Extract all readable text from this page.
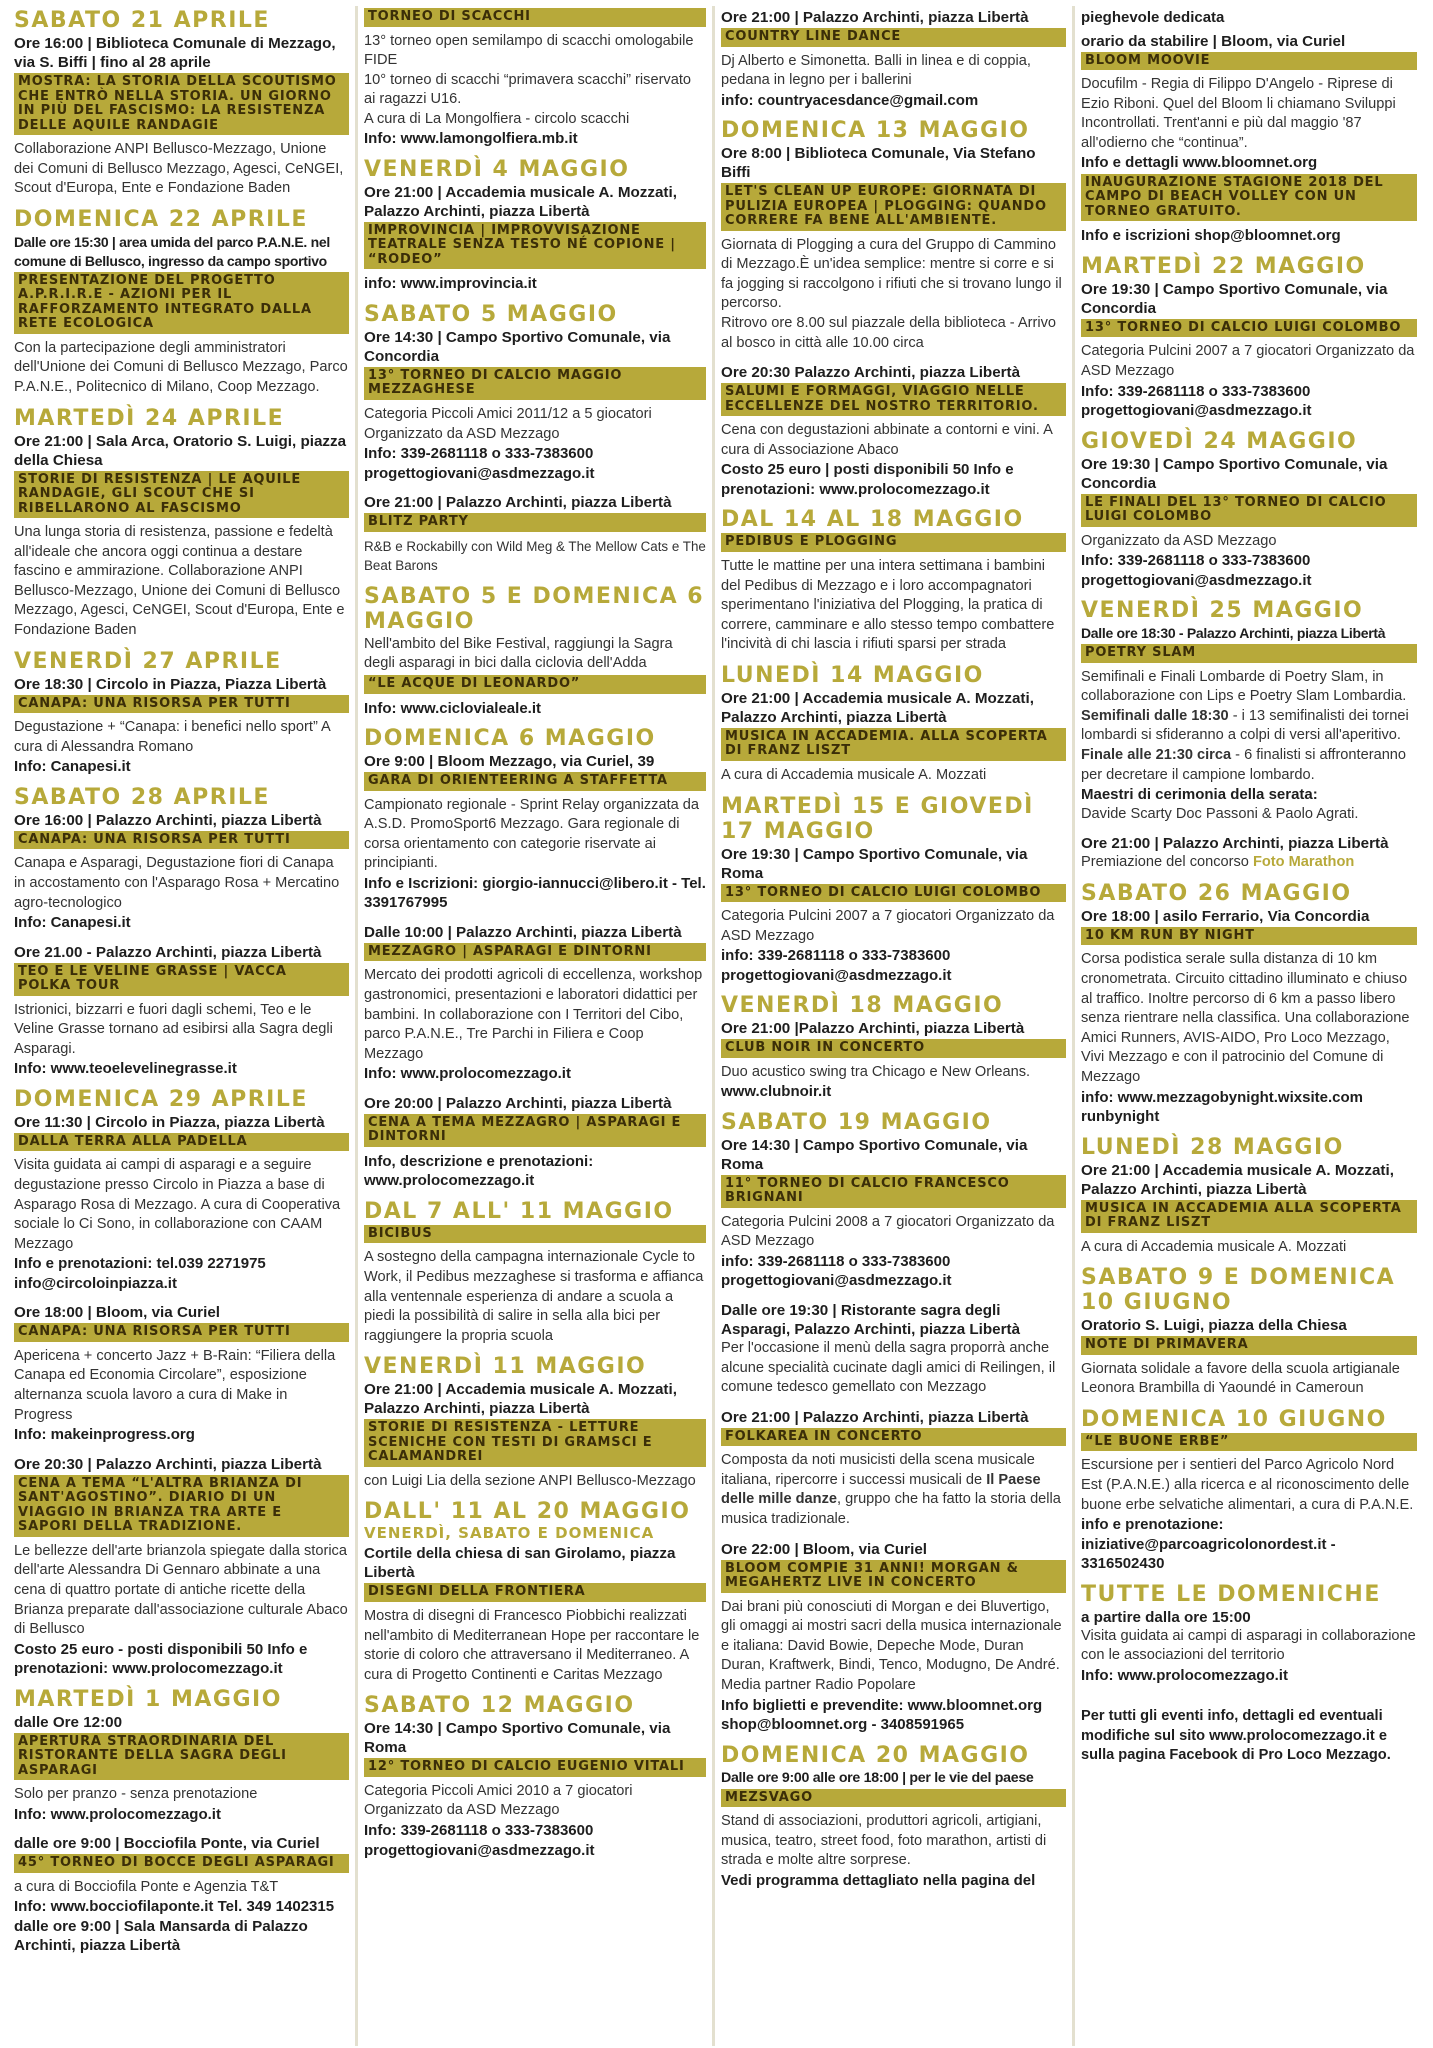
SABATO 21 APRILE

Ore 16:00 | Biblioteca Comunale di Mezzago, via S. Biffi | fino al 28 aprile

MOSTRA: LA STORIA DELLA SCOUTISMO CHE ENTRÒ NELLA STORIA. UN GIORNO IN PIÙ DEL FASCISMO: LA RESISTENZA DELLE AQUILE RANDAGIE

Collaborazione ANPI Bellusco-Mezzago, Unione dei Comuni di Bellusco Mezzago, Agesci, CeNGEI, Scout d'Europa, Ente e Fondazione Baden

DOMENICA 22 APRILE

Dalle ore 15:30 | area umida del parco P.A.N.E. nel comune di Bellusco, ingresso da campo sportivo

PRESENTAZIONE DEL PROGETTO A.P.R.I.R.E - AZIONI PER IL RAFFORZAMENTO INTEGRATO DALLA RETE ECOLOGICA

Con la partecipazione degli amministratori dell'Unione dei Comuni di Bellusco Mezzago, Parco P.A.N.E., Politecnico di Milano, Coop Mezzago.

MARTEDÌ 24 APRILE

Ore 21:00 | Sala Arca, Oratorio S. Luigi, piazza della Chiesa

STORIE DI RESISTENZA | LE AQUILE RANDAGIE, GLI SCOUT CHE SI RIBELLARONO AL FASCISMO

Una lunga storia di resistenza, passione e fedeltà all'ideale che ancora oggi continua a destare fascino e ammirazione. Collaborazione ANPI Bellusco-Mezzago, Unione dei Comuni di Bellusco Mezzago, Agesci, CeNGEI, Scout d'Europa, Ente e Fondazione Baden

VENERDÌ 27 APRILE

Ore 18:30 | Circolo in Piazza, Piazza Libertà

CANAPA: UNA RISORSA PER TUTTI

Degustazione + “Canapa: i benefici nello sport” A cura di Alessandra Romano

Info: Canapesi.it

SABATO 28 APRILE

Ore 16:00 | Palazzo Archinti, piazza Libertà

CANAPA: UNA RISORSA PER TUTTI

Canapa e Asparagi, Degustazione fiori di Canapa in accostamento con l'Asparago Rosa + Mercatino agro-tecnologico

Info: Canapesi.it

Ore 21.00 - Palazzo Archinti, piazza Libertà

TEO E LE VELINE GRASSE | VACCA POLKA TOUR

Istrionici, bizzarri e fuori dagli schemi, Teo e le Veline Grasse tornano ad esibirsi alla Sagra degli Asparagi.

Info: www.teoelevelinegrasse.it

DOMENICA 29 APRILE

Ore 11:30 | Circolo in Piazza, piazza Libertà

DALLA TERRA ALLA PADELLA

Visita guidata ai campi di asparagi e a seguire degustazione presso Circolo in Piazza a base di Asparago Rosa di Mezzago. A cura di Cooperativa sociale lo Ci Sono, in collaborazione con CAAM Mezzago

Info e prenotazioni: tel.039 2271975 info@circoloinpiazza.it

Ore 18:00 | Bloom, via Curiel

CANAPA: UNA RISORSA PER TUTTI

Apericena + concerto Jazz + B-Rain: “Filiera della Canapa ed Economia Circolare”, esposizione alternanza scuola lavoro a cura di Make in Progress

Info: makeinprogress.org

Ore 20:30 | Palazzo Archinti, piazza Libertà

CENA A TEMA “L'ALTRA BRIANZA DI SANT'AGOSTINO”. DIARIO DI UN VIAGGIO IN BRIANZA TRA ARTE E SAPORI DELLA TRADIZIONE.

Le bellezze dell'arte brianzola spiegate dalla storica dell'arte Alessandra Di Gennaro abbinate a una cena di quattro portate di antiche ricette della Brianza preparate dall'associazione culturale Abaco di Bellusco

Costo 25 euro - posti disponibili 50 Info e prenotazioni: www.prolocomezzago.it

MARTEDÌ 1 MAGGIO

dalle Ore 12:00

APERTURA STRAORDINARIA DEL RISTORANTE DELLA SAGRA DEGLI ASPARAGI

Solo per pranzo - senza prenotazione

Info: www.prolocomezzago.it

dalle ore 9:00 | Bocciofila Ponte, via Curiel

45° TORNEO DI BOCCE DEGLI ASPARAGI

a cura di Bocciofila Ponte e Agenzia T&T

Info: www.bocciofilaponte.it Tel. 349 1402315

dalle ore 9:00 | Sala Mansarda di Palazzo Archinti, piazza Libertà

TORNEO DI SCACCHI

13° torneo open semilampo di scacchi omologabile FIDE

10° torneo di scacchi “primavera scacchi” riservato ai ragazzi U16.

A cura di La Mongolfiera - circolo scacchi

Info: www.lamongolfiera.mb.it

VENERDÌ 4 MAGGIO

Ore 21:00 | Accademia musicale A. Mozzati, Palazzo Archinti, piazza Libertà

IMPROVINCIA | IMPROVVISAZIONE TEATRALE SENZA TESTO NÉ COPIONE | “RODEO”

info: www.improvincia.it

SABATO 5 MAGGIO

Ore 14:30 | Campo Sportivo Comunale, via Concordia

13° TORNEO DI CALCIO MAGGIO MEZZAGHESE

Categoria Piccoli Amici 2011/12 a 5 giocatori Organizzato da ASD Mezzago

Info: 339-2681118 o 333-7383600 progettogiovani@asdmezzago.it

Ore 21:00 | Palazzo Archinti, piazza Libertà

BLITZ PARTY

R&B e Rockabilly con Wild Meg & The Mellow Cats e The Beat Barons

SABATO 5 E DOMENICA 6 MAGGIO

Nell'ambito del Bike Festival, raggiungi la Sagra degli asparagi in bici dalla ciclovia dell'Adda

“LE ACQUE DI LEONARDO”

Info: www.ciclovialeale.it

DOMENICA 6 MAGGIO

Ore 9:00 | Bloom Mezzago, via Curiel, 39

GARA DI ORIENTEERING A STAFFETTA

Campionato regionale - Sprint Relay organizzata da A.S.D. PromoSport6 Mezzago. Gara regionale di corsa orientamento con categorie riservate ai principianti.

Info e Iscrizioni: giorgio-iannucci@libero.it - Tel. 3391767995

Dalle 10:00 | Palazzo Archinti, piazza Libertà

MEZZAGRO | ASPARAGI E DINTORNI

Mercato dei prodotti agricoli di eccellenza, workshop gastronomici, presentazioni e laboratori didattici per bambini. In collaborazione con I Territori del Cibo, parco P.A.N.E., Tre Parchi in Filiera e Coop Mezzago

Info: www.prolocomezzago.it

Ore 20:00 | Palazzo Archinti, piazza Libertà

CENA A TEMA MEZZAGRO | ASPARAGI E DINTORNI

Info, descrizione e prenotazioni: www.prolocomezzago.it

DAL 7 ALL' 11 MAGGIO
BICIBUS

A sostegno della campagna internazionale Cycle to Work, il Pedibus mezzaghese si trasforma e affianca alla ventennale esperienza di andare a scuola a piedi la possibilità di salire in sella alla bici per raggiungere la propria scuola

VENERDÌ 11 MAGGIO

Ore 21:00 | Accademia musicale A. Mozzati, Palazzo Archinti, piazza Libertà

STORIE DI RESISTENZA - LETTURE SCENICHE CON TESTI DI GRAMSCI E CALAMANDREI

con Luigi Lia della sezione ANPI Bellusco-Mezzago

DALL' 11 AL 20 MAGGIO
VENERDÌ, SABATO E DOMENICA

Cortile della chiesa di san Girolamo, piazza Libertà

DISEGNI DELLA FRONTIERA

Mostra di disegni di Francesco Piobbichi realizzati nell'ambito di Mediterranean Hope per raccontare le storie di coloro che attraversano il Mediterraneo. A cura di Progetto Continenti e Caritas Mezzago

SABATO 12 MAGGIO

Ore 14:30 | Campo Sportivo Comunale, via Roma

12° TORNEO DI CALCIO EUGENIO VITALI

Categoria Piccoli Amici 2010 a 7 giocatori Organizzato da ASD Mezzago

Info: 339-2681118 o 333-7383600 progettogiovani@asdmezzago.it

Ore 21:00 | Palazzo Archinti, piazza Libertà

COUNTRY LINE DANCE

Dj Alberto e Simonetta. Balli in linea e di coppia, pedana in legno per i ballerini

info: countryacesdance@gmail.com

DOMENICA 13 MAGGIO

Ore 8:00 | Biblioteca Comunale, Via Stefano Biffi

LET'S CLEAN UP EUROPE: GIORNATA DI PULIZIA EUROPEA | PLOGGING: QUANDO CORRERE FA BENE ALL'AMBIENTE.

Giornata di Plogging a cura del Gruppo di Cammino di Mezzago.È un'idea semplice: mentre si corre e si fa jogging si raccolgono i rifiuti che si trovano lungo il percorso.

Ritrovo ore 8.00 sul piazzale della biblioteca - Arrivo al bosco in città alle 10.00 circa

Ore 20:30 Palazzo Archinti, piazza Libertà

SALUMI E FORMAGGI, VIAGGIO NELLE ECCELLENZE DEL NOSTRO TERRITORIO.

Cena con degustazioni abbinate a contorni e vini. A cura di Associazione Abaco

Costo 25 euro | posti disponibili 50 Info e prenotazioni: www.prolocomezzago.it

DAL 14 AL 18 MAGGIO
PEDIBUS E PLOGGING

Tutte le mattine per una intera settimana i bambini del Pedibus di Mezzago e i loro accompagnatori sperimentano l'iniziativa del Plogging, la pratica di correre, camminare e allo stesso tempo combattere l'incività di chi lascia i rifiuti sparsi per strada

LUNEDÌ 14 MAGGIO

Ore 21:00 | Accademia musicale A. Mozzati, Palazzo Archinti, piazza Libertà

MUSICA IN ACCADEMIA. ALLA SCOPERTA DI FRANZ LISZT

A cura di Accademia musicale A. Mozzati

MARTEDÌ 15 E GIOVEDÌ 17 MAGGIO

Ore 19:30 | Campo Sportivo Comunale, via Roma

13° TORNEO DI CALCIO LUIGI COLOMBO

Categoria Pulcini 2007 a 7 giocatori Organizzato da ASD Mezzago

info: 339-2681118 o 333-7383600 progettogiovani@asdmezzago.it

VENERDÌ 18 MAGGIO

Ore 21:00 |Palazzo Archinti, piazza Libertà

CLUB NOIR IN CONCERTO

Duo acustico swing tra Chicago e New Orleans.

www.clubnoir.it

SABATO 19 MAGGIO

Ore 14:30 | Campo Sportivo Comunale, via Roma

11° TORNEO DI CALCIO FRANCESCO BRIGNANI

Categoria Pulcini 2008 a 7 giocatori Organizzato da ASD Mezzago

info: 339-2681118 o 333-7383600 progettogiovani@asdmezzago.it

Dalle ore 19:30 | Ristorante sagra degli Asparagi, Palazzo Archinti, piazza Libertà

Per l'occasione il menù della sagra proporrà anche alcune specialità cucinate dagli amici di Reilingen, il comune tedesco gemellato con Mezzago

Ore 21:00 | Palazzo Archinti, piazza Libertà

FOLKAREA IN CONCERTO

Composta da noti musicisti della scena musicale italiana, ripercorre i successi musicali de Il Paese delle mille danze, gruppo che ha fatto la storia della musica tradizionale.

Ore 22:00 | Bloom, via Curiel

BLOOM COMPIE 31 ANNI! MORGAN & MEGAHERTZ LIVE IN CONCERTO

Dai brani più conosciuti di Morgan e dei Bluvertigo, gli omaggi ai mostri sacri della musica internazionale e italiana: David Bowie, Depeche Mode, Duran Duran, Kraftwerk, Bindi, Tenco, Modugno, De André. Media partner Radio Popolare

Info biglietti e prevendite: www.bloomnet.org shop@bloomnet.org - 3408591965

DOMENICA 20 MAGGIO

Dalle ore 9:00 alle ore 18:00 | per le vie del paese

MEZSVAGO

Stand di associazioni, produttori agricoli, artigiani, musica, teatro, street food, foto marathon, artisti di strada e molte altre sorprese.

Vedi programma dettagliato nella pagina del

pieghevole dedicata

orario da stabilire | Bloom, via Curiel

BLOOM MOOVIE

Docufilm - Regia di Filippo D'Angelo - Riprese di Ezio Riboni. Quel del Bloom li chiamano Sviluppi Incontrollati. Trent'anni e più dal maggio '87 all'odierno che “continua”.

Info e dettagli www.bloomnet.org

INAUGURAZIONE STAGIONE 2018 DEL CAMPO DI BEACH VOLLEY CON UN TORNEO GRATUITO.

Info e iscrizioni shop@bloomnet.org

MARTEDÌ 22 MAGGIO

Ore 19:30 | Campo Sportivo Comunale, via Concordia

13° TORNEO DI CALCIO LUIGI COLOMBO

Categoria Pulcini 2007 a 7 giocatori Organizzato da ASD Mezzago

Info: 339-2681118 o 333-7383600 progettogiovani@asdmezzago.it

GIOVEDÌ 24 MAGGIO

Ore 19:30 | Campo Sportivo Comunale, via Concordia

LE FINALI DEL 13° TORNEO DI CALCIO LUIGI COLOMBO

Organizzato da ASD Mezzago

Info: 339-2681118 o 333-7383600 progettogiovani@asdmezzago.it

VENERDÌ 25 MAGGIO

Dalle ore 18:30 - Palazzo Archinti, piazza Libertà

POETRY SLAM

Semifinali e Finali Lombarde di Poetry Slam, in collaborazione con Lips e Poetry Slam Lombardia.

Semifinali dalle 18:30 - i 13 semifinalisti dei tornei lombardi si sfideranno a colpi di versi all'aperitivo.

Finale alle 21:30 circa - 6 finalisti si affronteranno per decretare il campione lombardo.

Maestri di cerimonia della serata:

Davide Scarty Doc Passoni & Paolo Agrati.

Ore 21:00 | Palazzo Archinti, piazza Libertà

Premiazione del concorso Foto Marathon

SABATO 26 MAGGIO

Ore 18:00 | asilo Ferrario, Via Concordia

10 KM RUN BY NIGHT

Corsa podistica serale sulla distanza di 10 km cronometrata. Circuito cittadino illuminato e chiuso al traffico. Inoltre percorso di 6 km a passo libero senza rientrare nella classifica. Una collaborazione Amici Runners, AVIS-AIDO, Pro Loco Mezzago, Vivi Mezzago e con il patrocinio del Comune di Mezzago

info: www.mezzagobynight.wixsite.com runbynight

LUNEDÌ 28 MAGGIO

Ore 21:00 | Accademia musicale A. Mozzati, Palazzo Archinti, piazza Libertà

MUSICA IN ACCADEMIA ALLA SCOPERTA DI FRANZ LISZT

A cura di Accademia musicale A. Mozzati

SABATO 9 E DOMENICA 10 GIUGNO

Oratorio S. Luigi, piazza della Chiesa

NOTE DI PRIMAVERA

Giornata solidale a favore della scuola artigianale Leonora Brambilla di Yaoundé in Cameroun

DOMENICA 10 GIUGNO
“LE BUONE ERBE”

Escursione per i sentieri del Parco Agricolo Nord Est (P.A.N.E.) alla ricerca e al riconoscimento delle buone erbe selvatiche alimentari, a cura di P.A.N.E.

info e prenotazione: iniziative@parcoagricolonordest.it - 3316502430

TUTTE LE DOMENICHE

a partire dalla ore 15:00

Visita guidata ai campi di asparagi in collaborazione con le associazioni del territorio

Info: www.prolocomezzago.it

Per tutti gli eventi info, dettagli ed eventuali modifiche sul sito www.prolocomezzago.it e sulla pagina Facebook di Pro Loco Mezzago.
